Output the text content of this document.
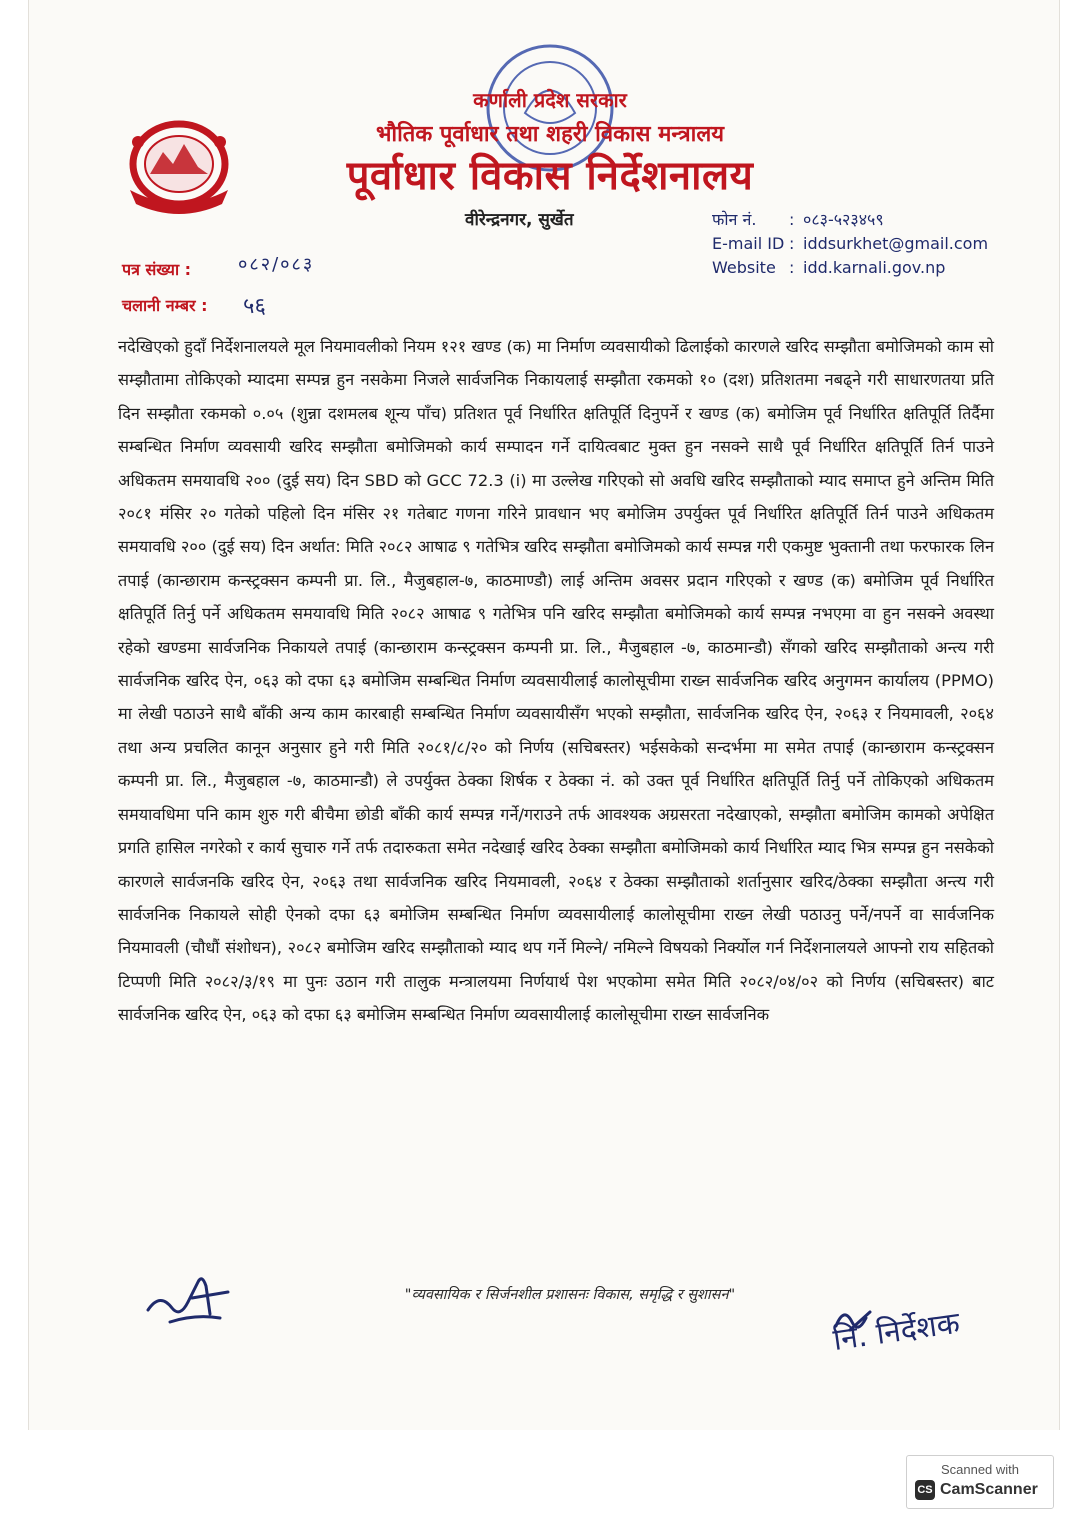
कर्णाली प्रदेश सरकार
भौतिक पूर्वाधार तथा शहरी विकास मन्त्रालय
पूर्वाधार विकास निर्देशनालय
वीरेन्द्रनगर, सुर्खेत	फोन नं.	: ०८३-५२३४५९
E-mail ID : iddsurkhet@gmail.com
Website : idd.karnali.gov.np
पत्र संख्या :	०८२/०८३
चलानी नम्बर : ५६

नदेखिएको हुदाँ निर्देशनालयले मूल नियमावलीको नियम १२१ खण्ड (क) मा निर्माण व्यवसायीको ढिलाईको कारणले खरिद सम्झौता बमोजिमको काम सो सम्झौतामा तोकिएको म्यादमा सम्पन्न हुन नसकेमा निजले सार्वजनिक निकायलाई सम्झौता रकमको १० (दश) प्रतिशतमा नबढ्ने गरी साधारणतया प्रति दिन सम्झौता रकमको ०.०५ (शुन्ना दशमलब शून्य पाँच) प्रतिशत पूर्व निर्धारित क्षतिपूर्ति दिनुपर्ने र खण्ड (क) बमोजिम पूर्व निर्धारित क्षतिपूर्ति तिर्दैमा सम्बन्धित निर्माण व्यवसायी खरिद सम्झौता बमोजिमको कार्य सम्पादन गर्ने दायित्वबाट मुक्त हुन नसक्ने साथै पूर्व निर्धारित क्षतिपूर्ति तिर्न पाउने अधिकतम समयावधि २०० (दुई सय) दिन SBD को GCC 72.3 (i) मा उल्लेख गरिएको सो अवधि खरिद सम्झौताको म्याद समाप्त हुने अन्तिम मिति २०८१ मंसिर २० गतेको पहिलो दिन मंसिर २१ गतेबाट गणना गरिने प्रावधान भए बमोजिम उपर्युक्त पूर्व निर्धारित क्षतिपूर्ति तिर्न पाउने अधिकतम समयावधि २०० (दुई सय) दिन अर्थात: मिति २०८२ आषाढ ९ गतेभित्र खरिद सम्झौता बमोजिमको कार्य सम्पन्न गरी एकमुष्ट भुक्तानी तथा फरफारक लिन तपाई (कान्छाराम कन्स्ट्रक्सन कम्पनी प्रा. लि., मैजुबहाल-७, काठमाण्डौ) लाई अन्तिम अवसर प्रदान गरिएको र खण्ड (क) बमोजिम पूर्व निर्धारित क्षतिपूर्ति तिर्नु पर्ने अधिकतम समयावधि मिति २०८२ आषाढ ९ गतेभित्र पनि खरिद सम्झौता बमोजिमको कार्य सम्पन्न नभएमा वा हुन नसक्ने अवस्था रहेको खण्डमा सार्वजनिक निकायले तपाई (कान्छाराम कन्स्ट्रक्सन कम्पनी प्रा. लि., मैजुबहाल -७, काठमान्डौ) सँगको खरिद सम्झौताको अन्त्य गरी सार्वजनिक खरिद ऐन, ०६३ को दफा ६३ बमोजिम सम्बन्धित निर्माण व्यवसायीलाई कालोसूचीमा राख्न सार्वजनिक खरिद अनुगमन कार्यालय (PPMO) मा लेखी पठाउने साथै बाँकी अन्य काम कारबाही सम्बन्धित निर्माण व्यवसायीसँग भएको सम्झौता, सार्वजनिक खरिद ऐन, २०६३ र नियमावली, २०६४ तथा अन्य प्रचलित कानून अनुसार हुने गरी मिति २०८१/८/२० को निर्णय (सचिबस्तर) भईसकेको सन्दर्भमा मा समेत तपाई (कान्छाराम कन्स्ट्रक्सन कम्पनी प्रा. लि., मैजुबहाल -७, काठमान्डौ) ले उपर्युक्त ठेक्का शिर्षक र ठेक्का नं. को उक्त पूर्व निर्धारित क्षतिपूर्ति तिर्नु पर्ने तोकिएको अधिकतम समयावधिमा पनि काम शुरु गरी बीचैमा छोडी बाँकी कार्य सम्पन्न गर्ने/गराउने तर्फ आवश्यक अग्रसरता नदेखाएको, सम्झौता बमोजिम कामको अपेक्षित प्रगति हासिल नगरेको र कार्य सुचारु गर्ने तर्फ तदारुकता समेत नदेखाई खरिद ठेक्का सम्झौता बमोजिमको कार्य निर्धारित म्याद भित्र सम्पन्न हुन नसकेको कारणले सार्वजनकि खरिद ऐन, २०६३ तथा सार्वजनिक खरिद नियमावली, २०६४ र ठेक्का सम्झौताको शर्तानुसार खरिद/ठेक्का सम्झौता अन्त्य गरी सार्वजनिक निकायले सोही ऐनको दफा ६३ बमोजिम सम्बन्धित निर्माण व्यवसायीलाई कालोसूचीमा राख्न लेखी पठाउनु पर्ने/नपर्ने वा सार्वजनिक नियमावली (चौधौं संशोधन), २०८२ बमोजिम खरिद सम्झौताको म्याद थप गर्ने मिल्ने/ नमिल्ने विषयको निर्क्योल गर्न निर्देशनालयले आफ्नो राय सहितको टिप्पणी मिति २०८२/३/१९ मा पुनः उठान गरी तालुक मन्त्रालयमा निर्णयार्थ पेश भएकोमा समेत मिति २०८२/०४/०२ को निर्णय (सचिबस्तर) बाट सार्वजनिक खरिद ऐन, ०६३ को दफा ६३ बमोजिम सम्बन्धित निर्माण व्यवसायीलाई कालोसूचीमा राख्न सार्वजनिक

"व्यवसायिक र सिर्जनशील प्रशासनः विकास, समृद्धि र सुशासन"
नि. निर्देशक
Scanned with
CS CamScanner
